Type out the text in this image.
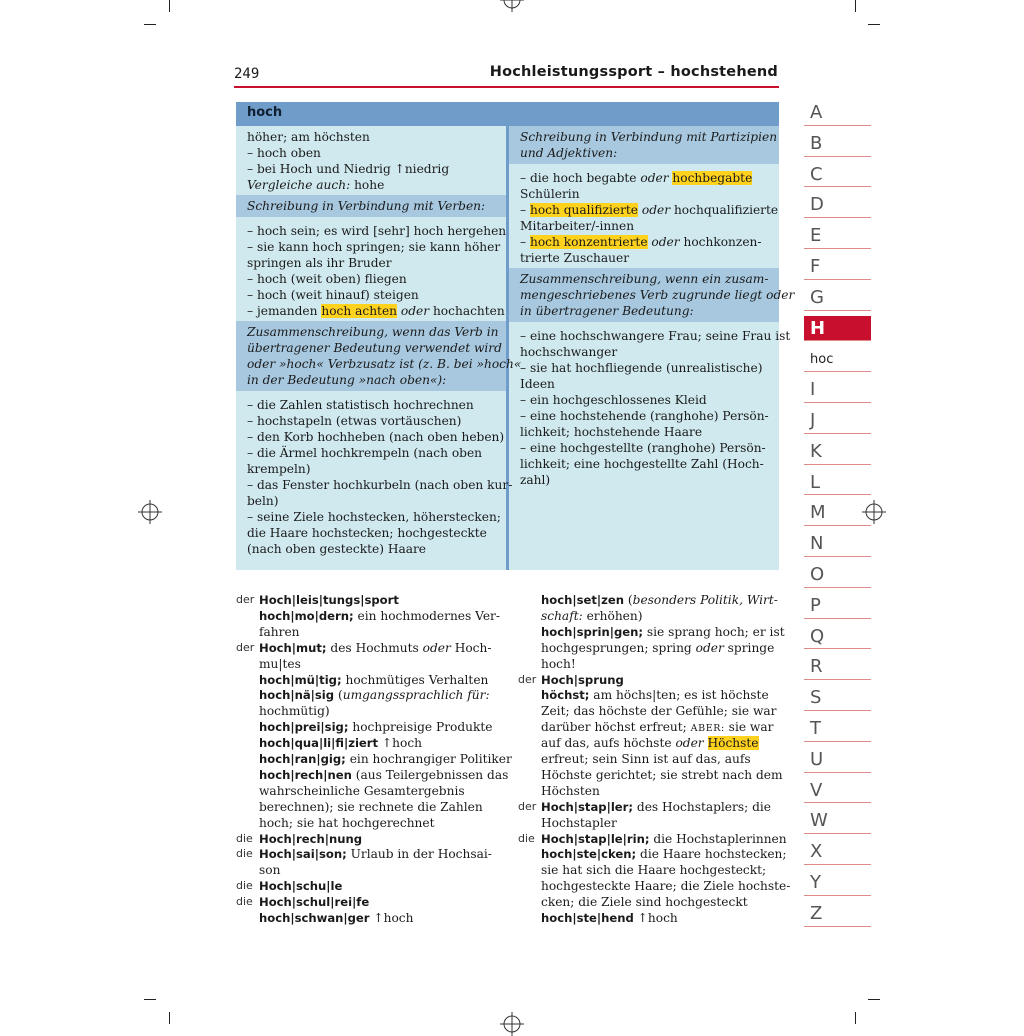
249	Hochleistungssport – hochstehend
hoch
höher; am höchsten
– hoch oben
– bei Hoch und Niedrig ↑niedrig
Vergleiche auch: hohe
Schreibung in Verbindung mit Verben:
– hoch sein; es wird [sehr] hoch hergehen
– sie kann hoch springen; sie kann höher
springen als ihr Bruder
– hoch (weit oben) fliegen
– hoch (weit hinauf) steigen
– jemanden hoch achten oder hochachten
Zusammenschreibung, wenn das Verb in
übertragener Bedeutung verwendet wird
oder »hoch« Verbzusatz ist (z. B. bei »hoch«
in der Bedeutung »nach oben«):
– die Zahlen statistisch hochrechnen
– hochstapeln (etwas vortäuschen)
– den Korb hochheben (nach oben heben)
– die Ärmel hochkrempeln (nach oben
krempeln)
– das Fenster hochkurbeln (nach oben kur-
beln)
– seine Ziele hochstecken, höherstecken;
die Haare hochstecken; hochgesteckte
(nach oben gesteckte) Haare
Schreibung in Verbindung mit Partizipien
und Adjektiven:
– die hoch begabte oder hochbegabte
Schülerin
– hoch qualifizierte oder hochqualifizierte
Mitarbeiter/-innen
– hoch konzentrierte oder hochkonzen-
trierte Zuschauer
Zusammenschreibung, wenn ein zusam-
mengeschriebenes Verb zugrunde liegt oder
in übertragener Bedeutung:
– eine hochschwangere Frau; seine Frau ist
hochschwanger
– sie hat hochfliegende (unrealistische)
Ideen
– ein hochgeschlossenes Kleid
– eine hochstehende (ranghohe) Persön-
lichkeit; hochstehende Haare
– eine hochgestellte (ranghohe) Persön-
lichkeit; eine hochgestellte Zahl (Hoch-
zahl)
der Hoch|leis|tungs|sport
hoch|mo|dern; ein hochmodernes Ver-
fahren
der Hoch|mut; des Hochmuts oder Hoch-
mu|tes
hoch|mü|tig; hochmütiges Verhalten
hoch|nä|sig (umgangssprachlich für:
hochmütig)
hoch|prei|sig; hochpreisige Produkte
hoch|qua|li|fi|ziert ↑hoch
hoch|ran|gig; ein hochrangiger Politiker
hoch|rech|nen (aus Teilergebnissen das
wahrscheinliche Gesamtergebnis
berechnen); sie rechnete die Zahlen
hoch; sie hat hochgerechnet
die Hoch|rech|nung
die Hoch|sai|son; Urlaub in der Hochsai-
son
die Hoch|schu|le
die Hoch|schul|rei|fe
hoch|schwan|ger ↑hoch
hoch|set|zen (besonders Politik, Wirt-
schaft: erhöhen)
hoch|sprin|gen; sie sprang hoch; er ist
hochgesprungen; spring oder springe
hoch!
der Hoch|sprung
höchst; am höchs|ten; es ist höchste
Zeit; das höchste der Gefühle; sie war
darüber höchst erfreut; ABER: sie war
auf das, aufs höchste oder Höchste
erfreut; sein Sinn ist auf das, aufs
Höchste gerichtet; sie strebt nach dem
Höchsten
der Hoch|stap|ler; des Hochstaplers; die
Hochstapler
die Hoch|stap|le|rin; die Hochstaplerinnen
hoch|ste|cken; die Haare hochstecken;
sie hat sich die Haare hochgesteckt;
hochgesteckte Haare; die Ziele hochste-
cken; die Ziele sind hochgesteckt
hoch|ste|hend ↑hoch
A
B
C
D
E
F
G
H
hoc
I
J
K
L
M
N
O
P
Q
R
S
T
U
V
W
X
Y
Z
